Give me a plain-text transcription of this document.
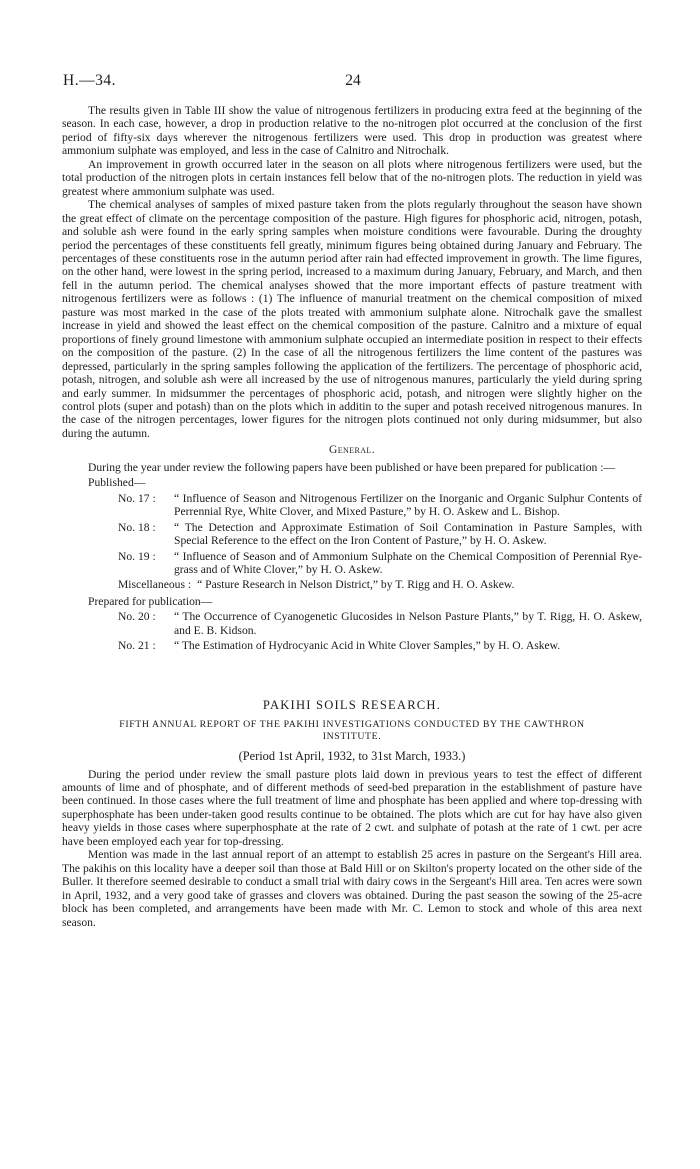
H.—34.	24

The results given in Table III show the value of nitrogenous fertilizers in producing extra feed at the beginning of the season. In each case, however, a drop in production relative to the no-nitrogen plot occurred at the conclusion of the first period of fifty-six days wherever the nitrogenous fertilizers were used. This drop in production was greatest where ammonium sulphate was employed, and less in the case of Calnitro and Nitrochalk.

An improvement in growth occurred later in the season on all plots where nitrogenous fertilizers were used, but the total production of the nitrogen plots in certain instances fell below that of the no-nitrogen plots. The reduction in yield was greatest where ammonium sulphate was used.

The chemical analyses of samples of mixed pasture taken from the plots regularly throughout the season have shown the great effect of climate on the percentage composition of the pasture. High figures for phosphoric acid, nitrogen, potash, and soluble ash were found in the early spring samples when moisture conditions were favourable. During the droughty period the percentages of these constituents fell greatly, minimum figures being obtained during January and February. The percentages of these constituents rose in the autumn period after rain had effected improvement in growth. The lime figures, on the other hand, were lowest in the spring period, increased to a maximum during January, February, and March, and then fell in the autumn period. The chemical analyses showed that the more important effects of pasture treatment with nitrogenous fertilizers were as follows : (1) The influence of manurial treatment on the chemical composition of mixed pasture was most marked in the case of the plots treated with ammonium sulphate alone. Nitrochalk gave the smallest increase in yield and showed the least effect on the chemical composition of the pasture. Calnitro and a mixture of equal proportions of finely ground limestone with ammonium sulphate occupied an intermediate position in respect to their effects on the composition of the pasture. (2) In the case of all the nitrogenous fertilizers the lime content of the pastures was depressed, particularly in the spring samples following the application of the fertilizers. The percentage of phosphoric acid, potash, nitrogen, and soluble ash were all increased by the use of nitrogenous manures, particularly the yield during spring and early summer. In midsummer the percentages of phosphoric acid, potash, and nitrogen were slightly higher on the control plots (super and potash) than on the plots which in additin to the super and potash received nitrogenous manures. In the case of the nitrogen percentages, lower figures for the nitrogen plots continued not only during midsummer, but also during the autumn.

General.

During the year under review the following papers have been published or have been prepared for publication :—

Published—

No. 17 :	“ Influence of Season and Nitrogenous Fertilizer on the Inorganic and Organic Sulphur Contents of Perrennial Rye, White Clover, and Mixed Pasture,” by H. O. Askew and L. Bishop.
No. 18 :	“ The Detection and Approximate Estimation of Soil Contamination in Pasture Samples, with Special Reference to the effect on the Iron Content of Pasture,” by H. O. Askew.
No. 19 :	“ Influence of Season and of Ammonium Sulphate on the Chemical Composition of Perennial Rye-grass and of White Clover,” by H. O. Askew.
Miscellaneous : “ Pasture Research in Nelson District,” by T. Rigg and H. O. Askew.

Prepared for publication—

No. 20 :	“ The Occurrence of Cyanogenetic Glucosides in Nelson Pasture Plants,” by T. Rigg, H. O. Askew, and E. B. Kidson.
No. 21 :	“ The Estimation of Hydrocyanic Acid in White Clover Samples,” by H. O. Askew.

PAKIHI SOILS RESEARCH.

FIFTH ANNUAL REPORT OF THE PAKIHI INVESTIGATIONS CONDUCTED BY THE CAWTHRON INSTITUTE.

(Period 1st April, 1932, to 31st March, 1933.)

During the period under review the small pasture plots laid down in previous years to test the effect of different amounts of lime and of phosphate, and of different methods of seed-bed preparation in the establishment of pasture have been continued. In those cases where the full treatment of lime and phosphate has been applied and where top-dressing with superphosphate has been under-taken good results continue to be obtained. The plots which are cut for hay have also given heavy yields in those cases where superphosphate at the rate of 2 cwt. and sulphate of potash at the rate of 1 cwt. per acre have been employed each year for top-dressing.

Mention was made in the last annual report of an attempt to establish 25 acres in pasture on the Sergeant's Hill area. The pakihis on this locality have a deeper soil than those at Bald Hill or on Skilton's property located on the other side of the Buller. It therefore seemed desirable to conduct a small trial with dairy cows in the Sergeant's Hill area. Ten acres were sown in April, 1932, and a very good take of grasses and clovers was obtained. During the past season the sowing of the 25-acre block has been completed, and arrangements have been made with Mr. C. Lemon to stock and whole of this area next season.
